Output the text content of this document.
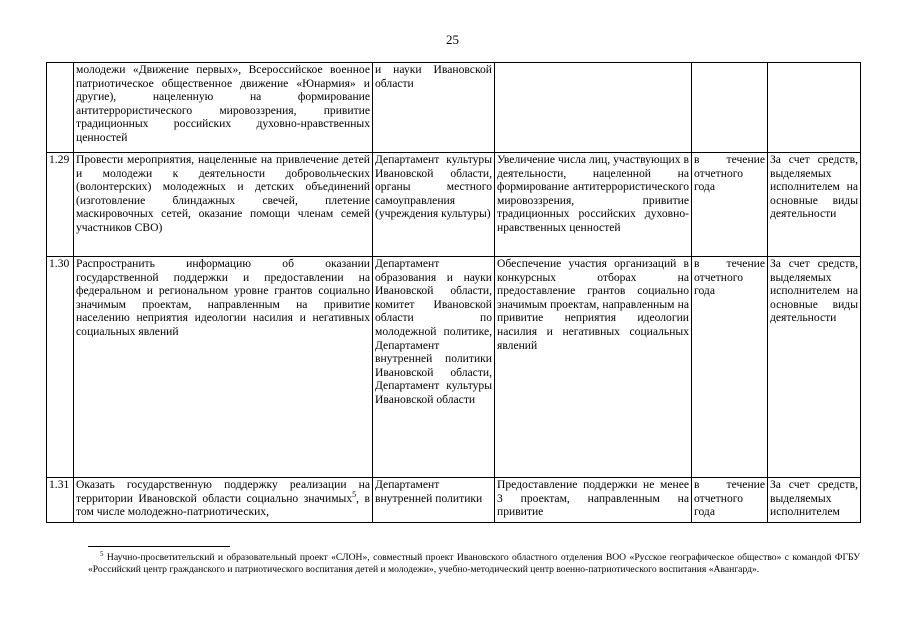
25
	молодежи «Движение первых», Всероссийское военное патриотическое общественное движение «Юнармия» и другие), нацеленную на формирование антитеррористического мировоззрения, привитие традиционных российских духовно-нравственных ценностей	и науки Ивановской области			
1.29	Провести мероприятия, нацеленные на привлечение детей и молодежи к деятельности добровольческих (волонтерских) молодежных и детских объединений (изготовление блиндажных свечей, плетение маскировочных сетей, оказание помощи членам семей участников СВО)	Департамент культуры Ивановской области, органы местного самоуправления (учреждения культуры)	Увеличение числа лиц, участвующих в деятельности, нацеленной на формирование антитеррористического мировоззрения, привитие традиционных российских духовно-нравственных ценностей	в течение отчетного года	За счет средств, выделяемых исполнителем на основные виды деятельности
1.30	Распространить информацию об оказании государственной поддержки и предоставлении на федеральном и региональном уровне грантов социально значимым проектам, направленным на привитие населению неприятия идеологии насилия и негативных социальных явлений	Департамент образования и науки Ивановской области, комитет Ивановской области по молодежной политике, Департамент внутренней политики Ивановской области, Департамент культуры Ивановской области	Обеспечение участия организаций в конкурсных отборах на предоставление грантов социально значимым проектам, направленным на привитие неприятия идеологии насилия и негативных социальных явлений	в течение отчетного года	За счет средств, выделяемых исполнителем на основные виды деятельности
1.31	Оказать государственную поддержку реализации на территории Ивановской области социально значимых$^5$, в том числе молодежно-патриотических,	Департамент внутренней политики	Предоставление поддержки не менее 3 проектам, направленным на привитие	в течение отчетного года	За счет средств, выделяемых исполнителем
$^5$ Научно-просветительский и образовательный проект «СЛОН», совместный проект Ивановского областного отделения ВОО «Русское географическое общество» с командой ФГБУ «Российский центр гражданского и патриотического воспитания детей и молодежи», учебно-методический центр военно-патриотического воспитания «Авангард».
